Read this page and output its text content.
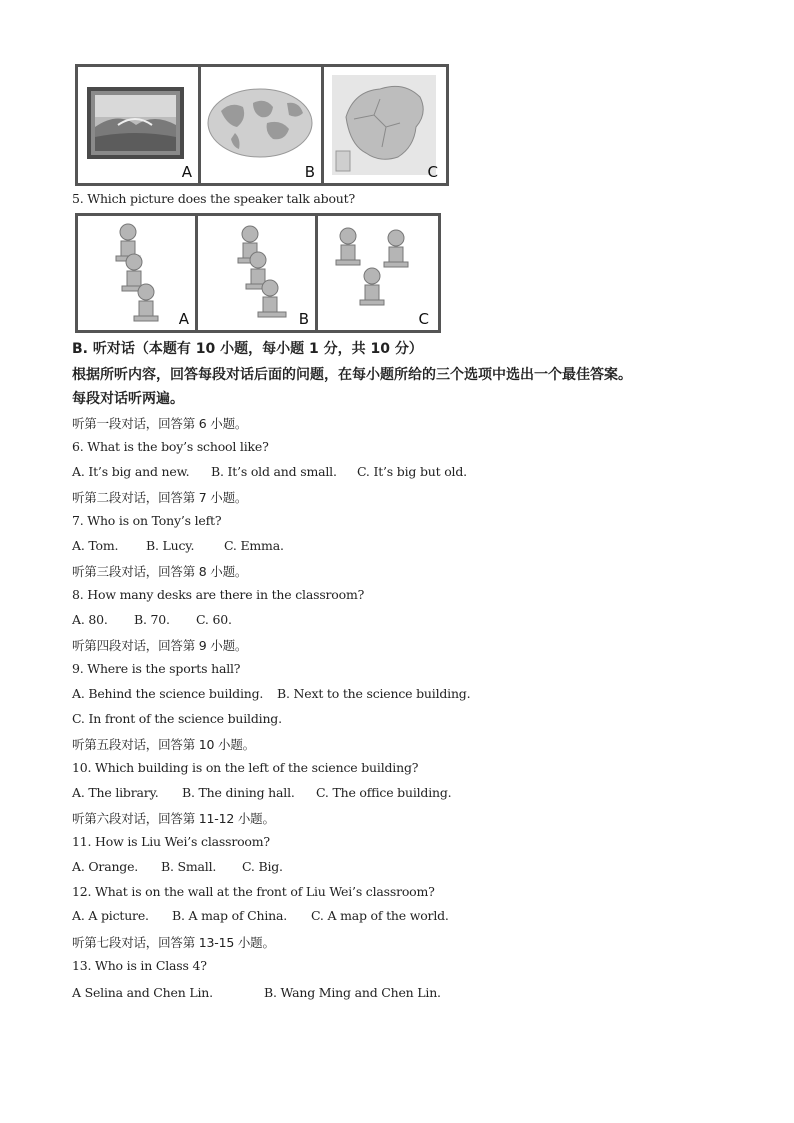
A	B	C
5. Which picture does the speaker talk about?
A	B	C
B. 听对话（本题有 10 小题，每小题 1 分，共 10 分）
根据所听内容，回答每段对话后面的问题，在每小题所给的三个选项中选出一个最佳答案。
每段对话听两遍。
听第一段对话，回答第 6 小题。
6. What is the boy’s school like?
A. It’s big and new. B. It’s old and small. C. It’s big but old.
听第二段对话，回答第 7 小题。
7. Who is on Tony’s left?
A. Tom. B. Lucy. C. Emma.
听第三段对话，回答第 8 小题。
8. How many desks are there in the classroom?
A. 80. B. 70. C. 60.
听第四段对话，回答第 9 小题。
9. Where is the sports hall?
A. Behind the science building. B. Next to the science building.
C. In front of the science building.
听第五段对话，回答第 10 小题。
10. Which building is on the left of the science building?
A. The library. B. The dining hall. C. The office building.
听第六段对话，回答第 11-12 小题。
11. How is Liu Wei’s classroom?
A. Orange. B. Small. C. Big.
12. What is on the wall at the front of Liu Wei’s classroom?
A. A picture. B. A map of China. C. A map of the world.
听第七段对话，回答第 13-15 小题。
13. Who is in Class 4?
A Selina and Chen Lin.	B. Wang Ming and Chen Lin.
